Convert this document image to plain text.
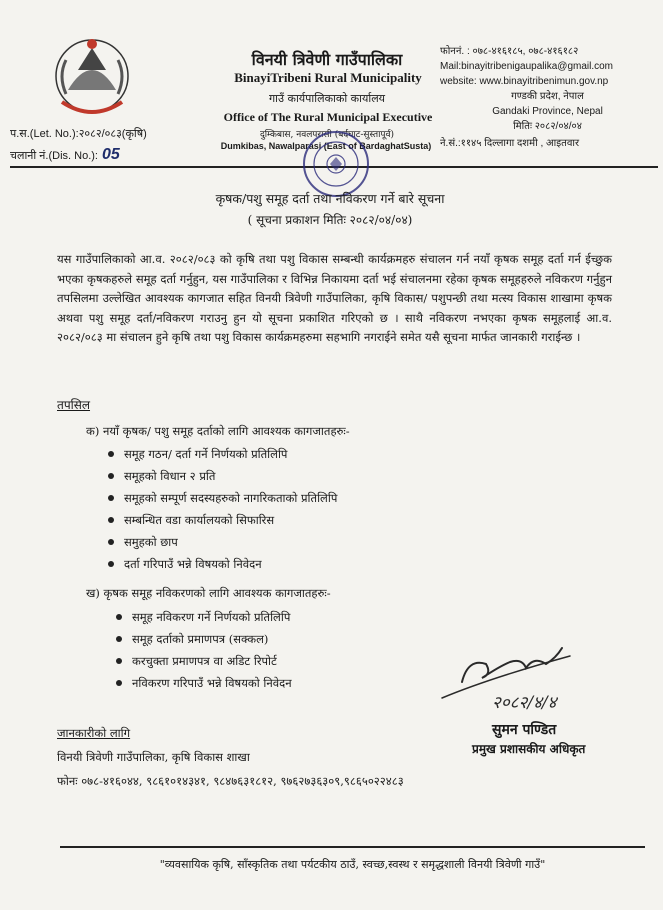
विनयी त्रिवेणी गाउँपालिका
BinayiTribeni Rural Municipality
गाउँ कार्यपालिकाको कार्यालय
Office of The Rural Municipal Executive
दुम्किबास, नवलपरासी (बर्दघाट-सुस्तापूर्व)
Dumkibas, Nawalparasi (East of BardaghatSusta)
फोननं. : ०७८-४१६१८५, ०७८-४१६१८२
Mail:binayitribenigaupalika@gmail.com
website: www.binayitribenimun.gov.np
गण्डकी प्रदेश, नेपाल
Gandaki Province, Nepal
मितिः २०८२/०४/०४
ने.सं.:११४५ दिल्लागा दशमी , आइतवार
प.स.(Let. No.):२०८२/०८३(कृषि)
चलानी नं.(Dis. No.): 05
कृषक/पशु समूह दर्ता तथा नविकरण गर्ने बारे सूचना
( सूचना प्रकाशन मितिः २०८२/०४/०४)
यस गाउँपालिकाको आ.व. २०८२/०८३ को कृषि तथा पशु विकास सम्बन्धी कार्यक्रमहरु संचालन गर्न नयाँ कृषक समूह दर्ता गर्न ईच्छुक भएका कृषकहरुले समूह दर्ता गर्नुहुन, यस गाउँपालिका र विभिन्न निकायमा दर्ता भई संचालनमा रहेका कृषक समूहहरुले नविकरण गर्नुहुन तपसिलमा उल्लेखित आवश्यक कागजात सहित विनयी त्रिवेणी गाउँपालिका, कृषि विकास/ पशुपन्छी तथा मत्स्य विकास शाखामा कृषक अथवा पशु समूह दर्ता/नविकरण गराउनु हुन यो सूचना प्रकाशित गरिएको छ । साथै नविकरण नभएका कृषक समूहलाई आ.व. २०८२/०८३ मा संचालन हुने कृषि तथा पशु विकास कार्यक्रमहरुमा सहभागि नगराईने समेत यसै सूचना मार्फत जानकारी गराईन्छ ।
तपसिल
क) नयाँ कृषक/ पशु समूह दर्ताको लागि आवश्यक कागजातहरुः-
समूह गठन/ दर्ता गर्ने निर्णयको प्रतिलिपि
समूहको विधान २ प्रति
समूहको सम्पूर्ण सदस्यहरुको नागरिकताको प्रतिलिपि
सम्बन्धित वडा कार्यालयको सिफारिस
समुहको छाप
दर्ता गरिपाउँ भन्ने विषयको निवेदन
ख) कृषक समूह नविकरणको लागि आवश्यक कागजातहरुः-
समूह नविकरण गर्ने निर्णयको प्रतिलिपि
समूह दर्ताको प्रमाणपत्र (सक्कल)
करचुक्ता प्रमाणपत्र वा अडिट रिपोर्ट
नविकरण गरिपाउँ भन्ने विषयको निवेदन
२०८२/४/४
सुमन पण्डित
प्रमुख प्रशासकीय अधिकृत
जानकारीको लागि
विनयी त्रिवेणी गाउँपालिका, कृषि विकास शाखा
फोनः ०७८-४१६०४४, ९८६१०१४३४१, ९८४७६३१८१२, ९७६२७३६३०९,९८६५०२२४८३
"व्यवसायिक कृषि, साँस्कृतिक तथा पर्यटकीय ठाउँ, स्वच्छ,स्वस्थ र समृद्धशाली विनयी त्रिवेणी गाउँ"
